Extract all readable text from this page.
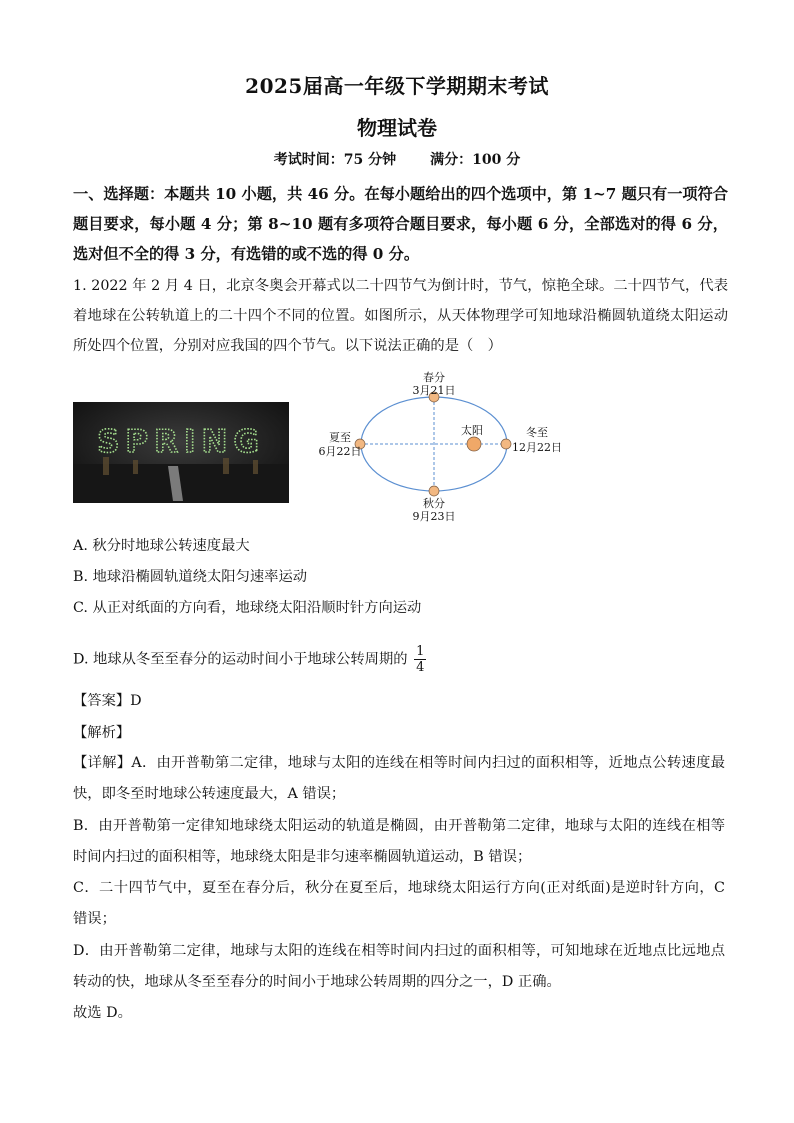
2025届高一年级下学期期末考试
物理试卷
考试时间：75 分钟 满分：100 分
一、选择题：本题共 10 小题，共 46 分。在每小题给出的四个选项中，第 1~7 题只有一项符合题目要求，每小题 4 分；第 8~10 题有多项符合题目要求，每小题 6 分，全部选对的得 6 分，选对但不全的得 3 分，有选错的或不选的得 0 分。
1. 2022 年 2 月 4 日，北京冬奥会开幕式以二十四节气为倒计时，节气，惊艳全球。二十四节气，代表着地球在公转轨道上的二十四个不同的位置。如图所示，从天体物理学可知地球沿椭圆轨道绕太阳运动所处四个位置，分别对应我国的四个节气。以下说法正确的是（　）
SPRING
春分
3月21日
夏至
6月22日
太阳	冬至
12月22日
秋分
9月23日
A. 秋分时地球公转速度最大
B. 地球沿椭圆轨道绕太阳匀速率运动
C. 从正对纸面的方向看，地球绕太阳沿顺时针方向运动
D. 地球从冬至至春分的运动时间小于地球公转周期的 $\frac{1}{4}$
【答案】D
【解析】

【详解】A．由开普勒第二定律，地球与太阳的连线在相等时间内扫过的面积相等，近地点公转速度最快，即冬至时地球公转速度最大，A 错误；

B．由开普勒第一定律知地球绕太阳运动的轨道是椭圆，由开普勒第二定律，地球与太阳的连线在相等时间内扫过的面积相等，地球绕太阳是非匀速率椭圆轨道运动，B 错误；

C．二十四节气中，夏至在春分后，秋分在夏至后，地球绕太阳运行方向(正对纸面)是逆时针方向，C 错误；

D．由开普勒第二定律，地球与太阳的连线在相等时间内扫过的面积相等，可知地球在近地点比远地点转动的快，地球从冬至至春分的时间小于地球公转周期的四分之一，D 正确。

故选 D。
